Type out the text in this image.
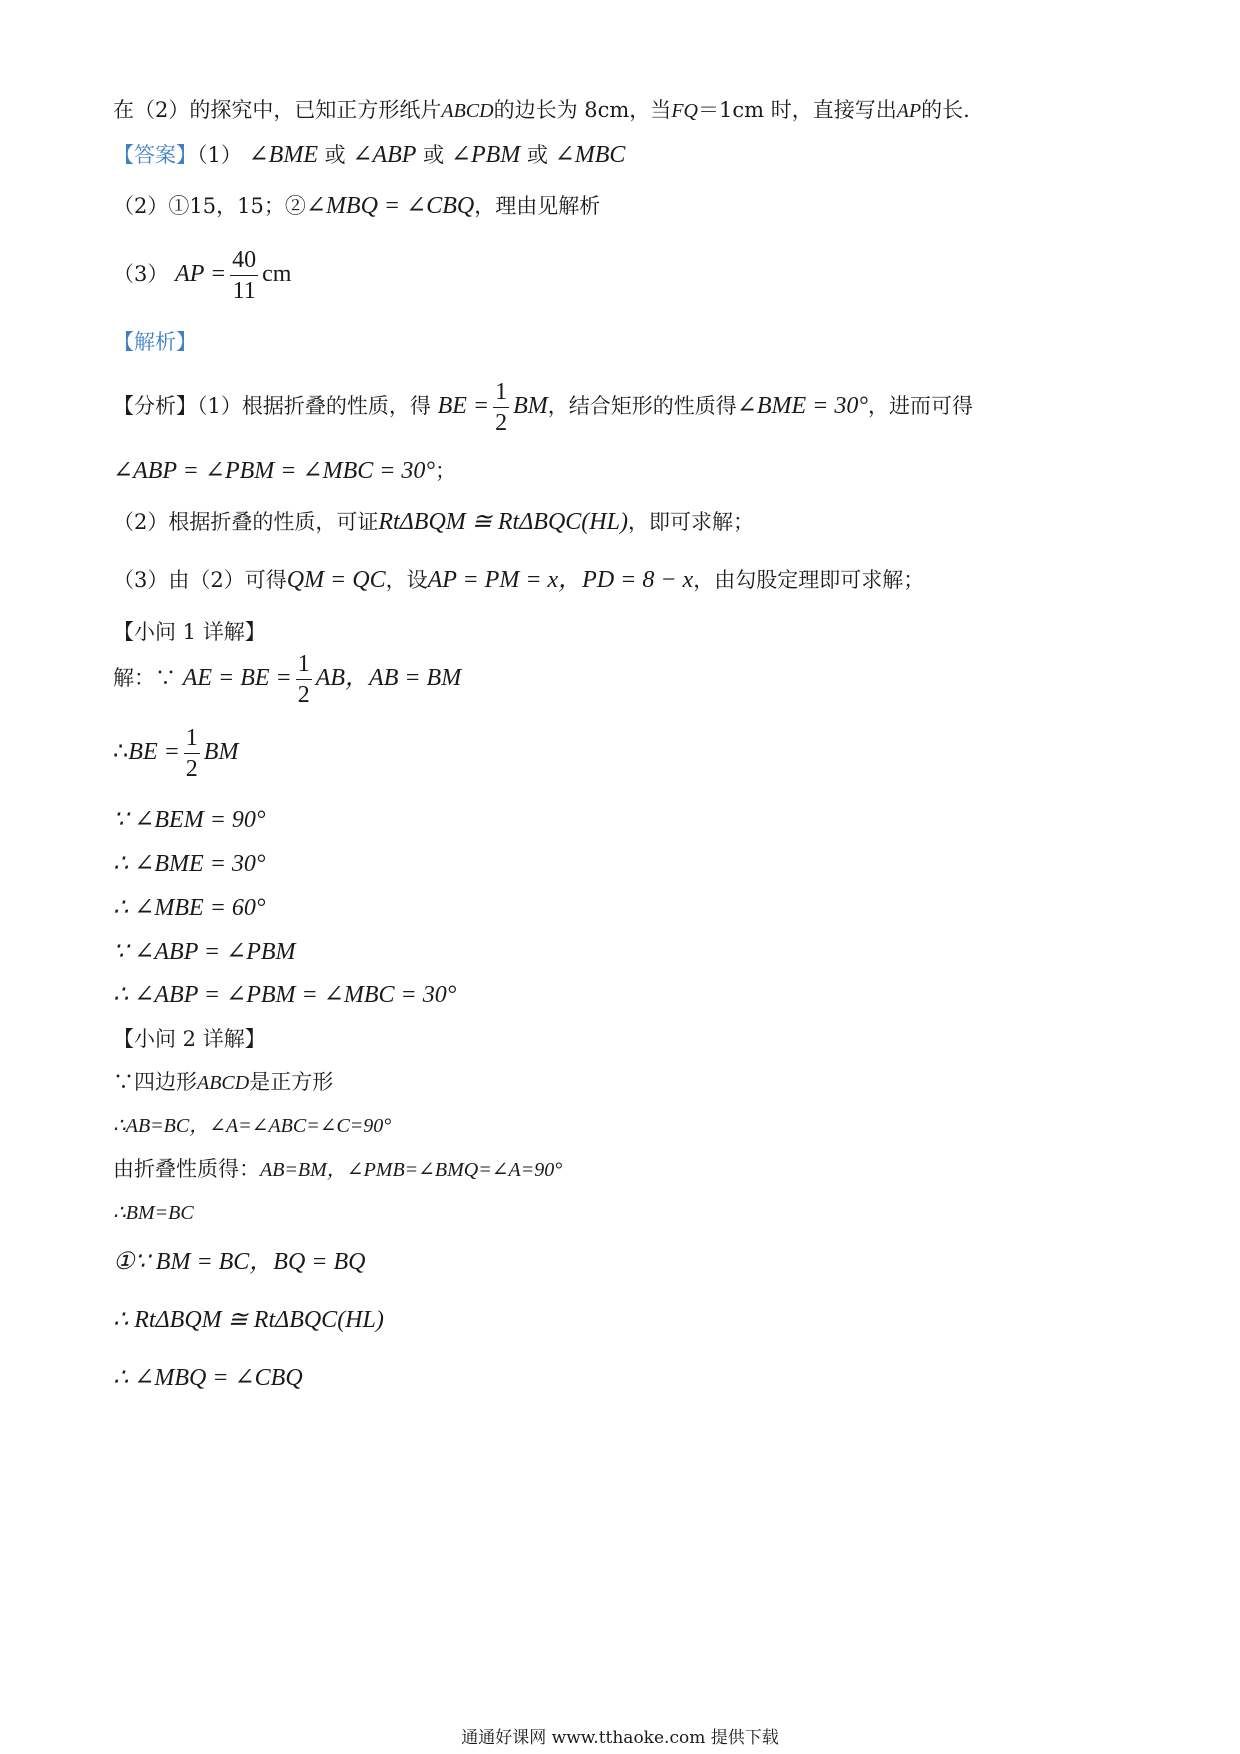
在（2）的探究中，已知正方形纸片ABCD的边长为 8cm，当FQ＝1cm 时，直接写出AP的长.
【答案】（1） ∠BME 或 ∠ABP 或 ∠PBM 或 ∠MBC
（2）①15，15；②∠MBQ = ∠CBQ，理由见解析
（3） AP = $\frac{40}{11}$ cm
【解析】
【分析】（1）根据折叠的性质，得 BE = $\frac{1}{2}$ BM，结合矩形的性质得∠BME = 30°，进而可得
∠ABP = ∠PBM = ∠MBC = 30°；
（2）根据折叠的性质，可证RtΔBQM ≅ RtΔBQC(HL)，即可求解；
（3）由（2）可得QM = QC，设AP = PM = x，PD = 8 − x，由勾股定理即可求解；
【小问 1 详解】
解：∵ AE = BE = $\frac{1}{2}$ AB，AB = BM
∴BE = $\frac{1}{2}$ BM
∵ ∠BEM = 90°
∴ ∠BME = 30°
∴ ∠MBE = 60°
∵ ∠ABP = ∠PBM
∴ ∠ABP = ∠PBM = ∠MBC = 30°
【小问 2 详解】
∵四边形ABCD是正方形
∴AB=BC，∠A=∠ABC=∠C=90°
由折叠性质得：AB=BM，∠PMB=∠BMQ=∠A=90°
∴BM=BC
①∵ BM = BC，BQ = BQ
∴ RtΔBQM ≅ RtΔBQC(HL)
∴ ∠MBQ = ∠CBQ
通通好课网 www.tthaoke.com 提供下载
